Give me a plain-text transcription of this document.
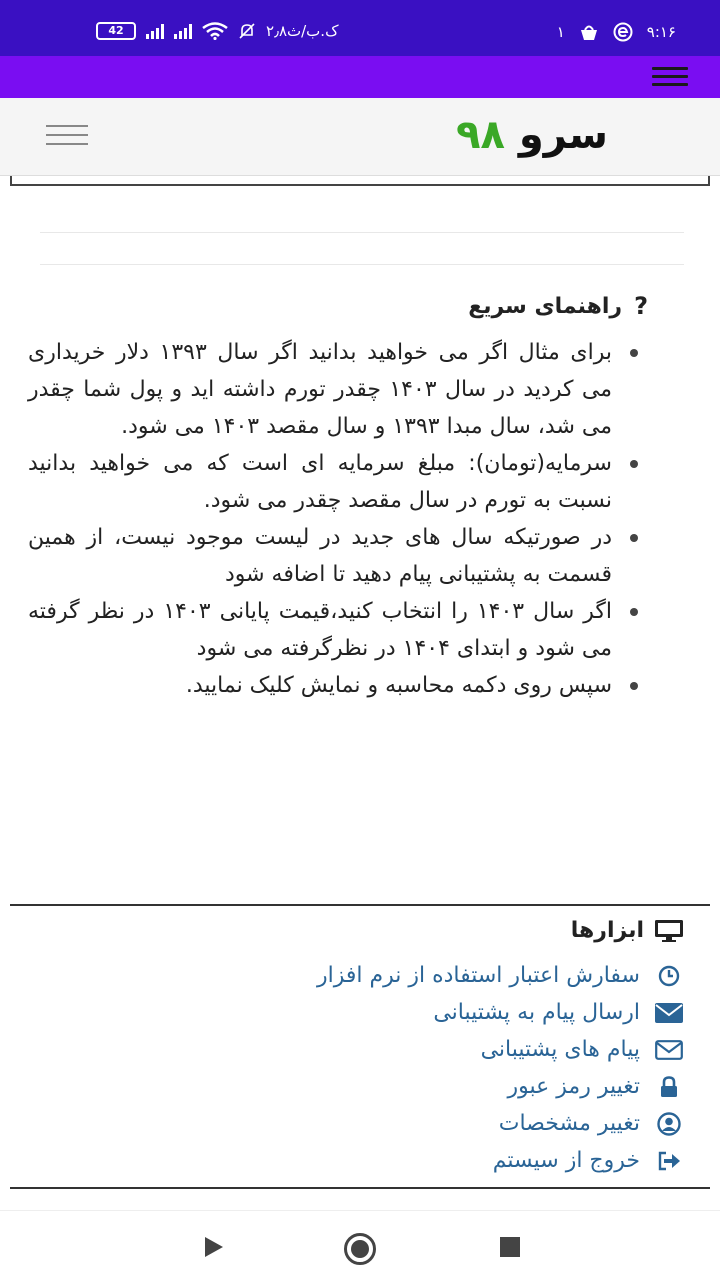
42	۲٫۸ک.ب/ث	۱	۹:۱۶
سرو ۹۸
?
راهنمای سریع
برای مثال اگر می خواهید بدانید اگر سال ۱۳۹۳ دلار خریداری می کردید در سال ۱۴۰۳ چقدر تورم داشته اید و پول شما چقدر می شد، سال مبدا ۱۳۹۳ و سال مقصد ۱۴۰۳ می شود.
سرمایه(تومان): مبلغ سرمایه ای است که می خواهید بدانید نسبت به تورم در سال مقصد چقدر می شود.
در صورتیکه سال های جدید در لیست موجود نیست، از همین قسمت به پشتیبانی پیام دهید تا اضافه شود
اگر سال ۱۴۰۳ را انتخاب کنید،قیمت پایانی ۱۴۰۳ در نظر گرفته می شود و ابتدای ۱۴۰۴ در نظرگرفته می شود
سپس روی دکمه محاسبه و نمایش کلیک نمایید.
ابزارها
سفارش اعتبار استفاده از نرم افزار
ارسال پیام به پشتیبانی
پیام های پشتیبانی
تغییر رمز عبور
تغییر مشخصات
خروج از سیستم
